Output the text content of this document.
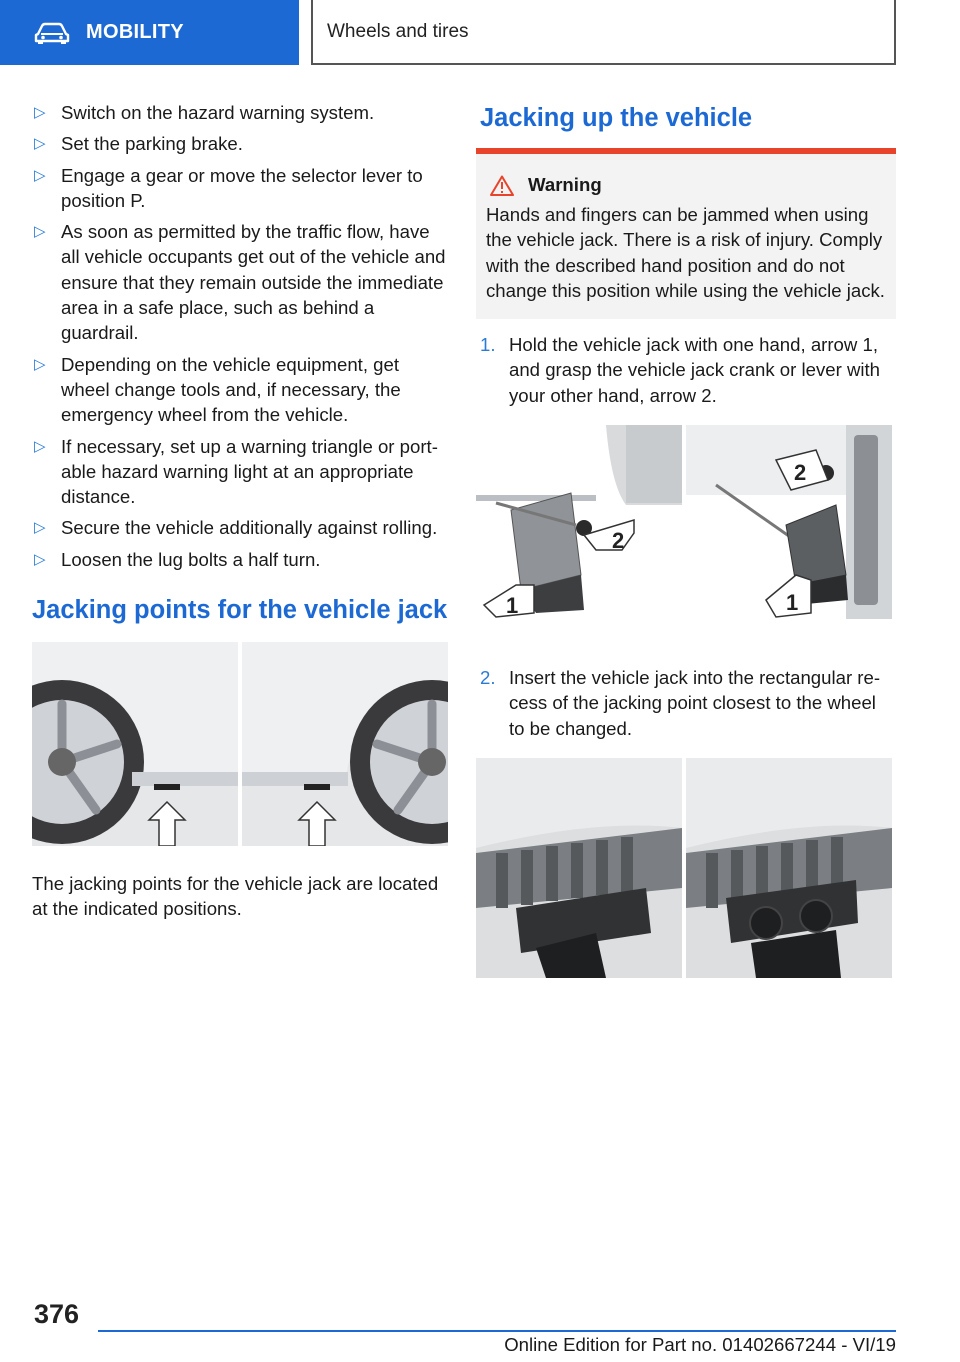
MOBILITY	Wheels and tires
▷ Switch on the hazard warning system.
▷ Set the parking brake.
▷ Engage a gear or move the selector lever to position P.
▷ As soon as permitted by the traffic flow, have all vehicle occupants get out of the vehicle and ensure that they remain outside the immediate area in a safe place, such as behind a guardrail.
▷ Depending on the vehicle equipment, get wheel change tools and, if necessary, the emergency wheel from the vehicle.
▷ If necessary, set up a warning triangle or portable hazard warning light at an appropriate distance.
▷ Secure the vehicle additionally against rolling.
▷ Loosen the lug bolts a half turn.
Jacking points for the vehicle jack
The jacking points for the vehicle jack are located at the indicated positions.
Jacking up the vehicle
Warning
Hands and fingers can be jammed when using the vehicle jack. There is a risk of injury. Comply with the described hand position and do not change this position while using the vehicle jack.
1. Hold the vehicle jack with one hand, arrow 1, and grasp the vehicle jack crank or lever with your other hand, arrow 2.
2
1
2
1
2. Insert the vehicle jack into the rectangular recess of the jacking point closest to the wheel to be changed.
376
Online Edition for Part no. 01402667244 - VI/19
